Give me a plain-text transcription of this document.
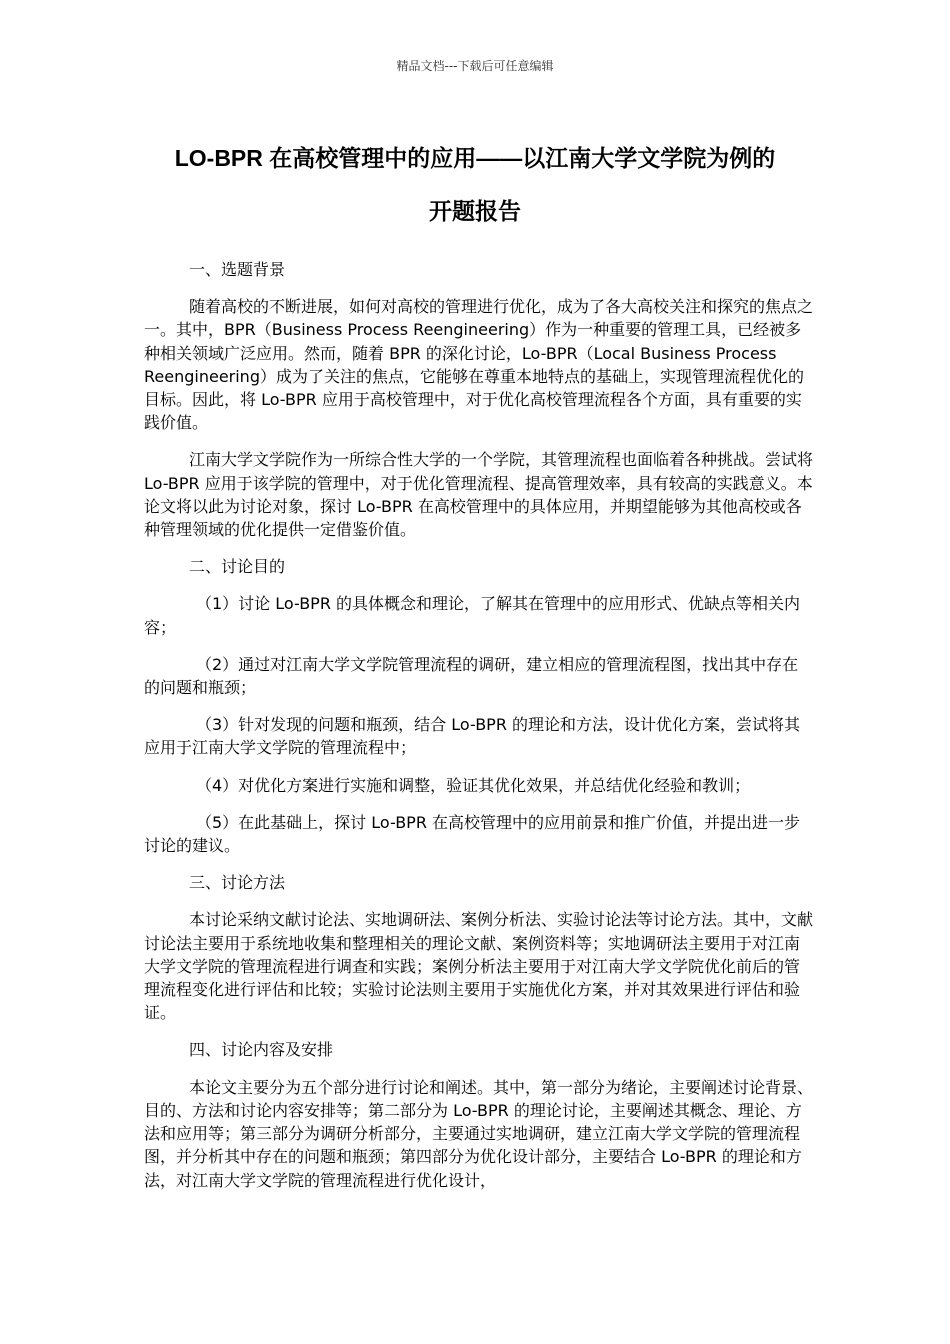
精品文档---下载后可任意编辑
LO-BPR 在高校管理中的应用——以江南大学文学院为例的
开题报告

一、选题背景

随着高校的不断进展，如何对高校的管理进行优化，成为了各大高校关注和探究的焦点之一。其中，BPR（Business Process Reengineering）作为一种重要的管理工具，已经被多种相关领域广泛应用。然而，随着 BPR 的深化讨论，Lo-BPR（Local Business Process Reengineering）成为了关注的焦点，它能够在尊重本地特点的基础上，实现管理流程优化的目标。因此，将 Lo-BPR 应用于高校管理中，对于优化高校管理流程各个方面，具有重要的实践价值。

江南大学文学院作为一所综合性大学的一个学院，其管理流程也面临着各种挑战。尝试将 Lo-BPR 应用于该学院的管理中，对于优化管理流程、提高管理效率，具有较高的实践意义。本论文将以此为讨论对象，探讨 Lo-BPR 在高校管理中的具体应用，并期望能够为其他高校或各种管理领域的优化提供一定借鉴价值。

二、讨论目的

（1）讨论 Lo-BPR 的具体概念和理论，了解其在管理中的应用形式、优缺点等相关内容；

（2）通过对江南大学文学院管理流程的调研，建立相应的管理流程图，找出其中存在的问题和瓶颈；

（3）针对发现的问题和瓶颈，结合 Lo-BPR 的理论和方法，设计优化方案，尝试将其应用于江南大学文学院的管理流程中；

（4）对优化方案进行实施和调整，验证其优化效果，并总结优化经验和教训；

（5）在此基础上，探讨 Lo-BPR 在高校管理中的应用前景和推广价值，并提出进一步讨论的建议。

三、讨论方法

本讨论采纳文献讨论法、实地调研法、案例分析法、实验讨论法等讨论方法。其中，文献讨论法主要用于系统地收集和整理相关的理论文献、案例资料等；实地调研法主要用于对江南大学文学院的管理流程进行调查和实践；案例分析法主要用于对江南大学文学院优化前后的管理流程变化进行评估和比较；实验讨论法则主要用于实施优化方案，并对其效果进行评估和验证。

四、讨论内容及安排

本论文主要分为五个部分进行讨论和阐述。其中，第一部分为绪论，主要阐述讨论背景、目的、方法和讨论内容安排等；第二部分为 Lo-BPR 的理论讨论，主要阐述其概念、理论、方法和应用等；第三部分为调研分析部分，主要通过实地调研，建立江南大学文学院的管理流程图，并分析其中存在的问题和瓶颈；第四部分为优化设计部分，主要结合 Lo-BPR 的理论和方法，对江南大学文学院的管理流程进行优化设计，
